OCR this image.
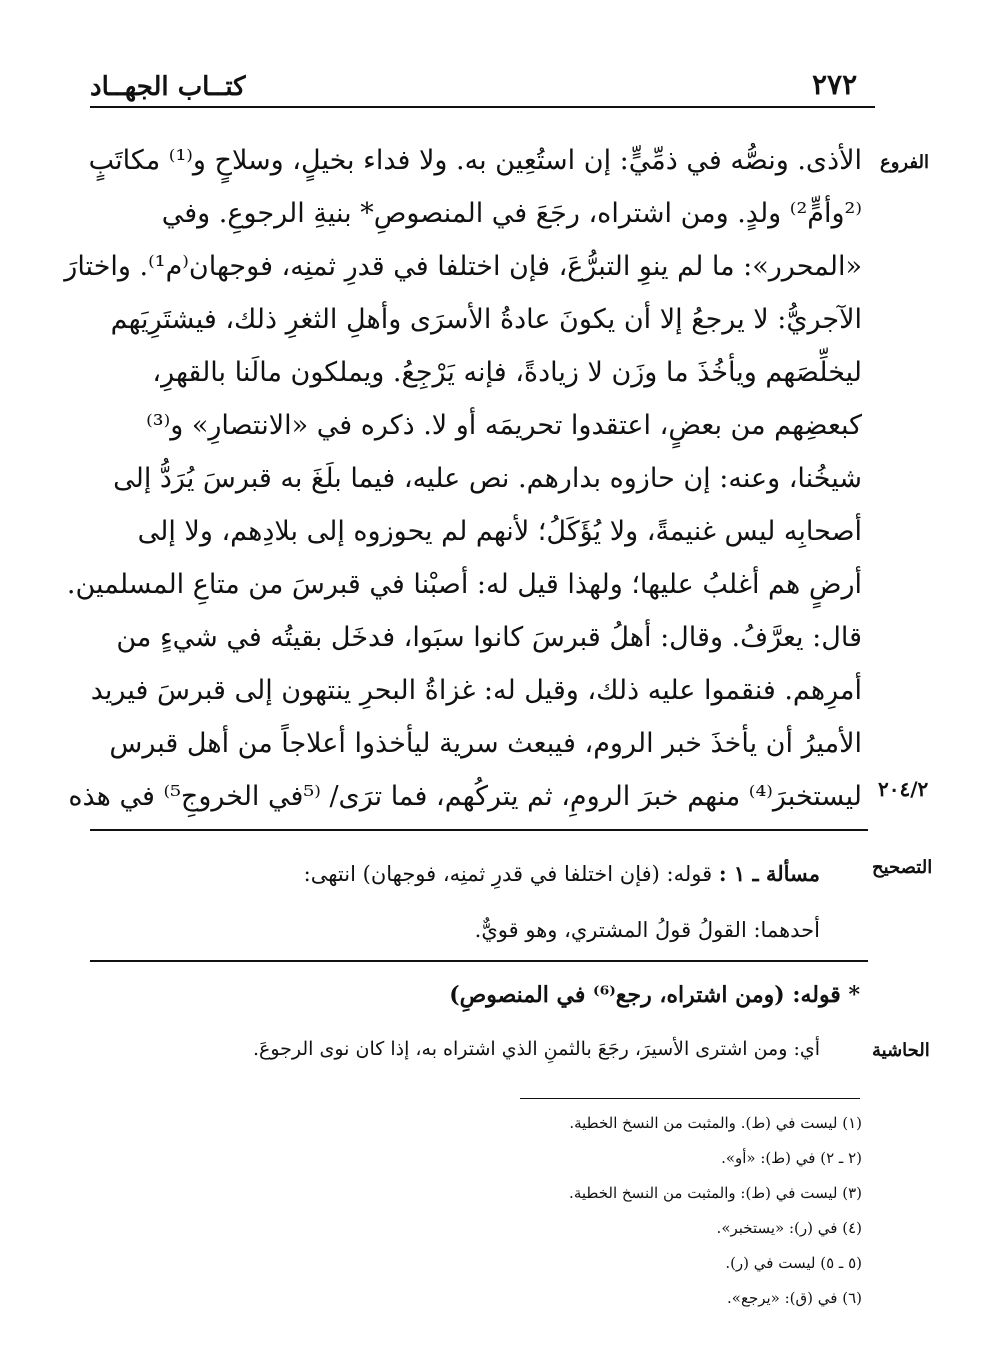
كتــاب الجهــاد	٢٧٢
الفروع
٢٠٤/٢
التصحيح
الحاشية
الأذى. ونصُّه في ذمِّيٍّ: إن استُعِين به. ولا فداء بخيلٍ، وسلاحٍ و⁽¹⁾ مكاتَبٍ
⁽²وأمٍّ²⁾ ولدٍ. ومن اشتراه، رجَعَ في المنصوصِ* بنيةِ الرجوعِ. وفي
«المحرر»: ما لم ينوِ التبرُّعَ، فإن اختلفا في قدرِ ثمنِه، فوجهان⁽م¹⁾. واختارَ
الآجريُّ: لا يرجعُ إلا أن يكونَ عادةُ الأسرَى وأهلِ الثغرِ ذلك، فيشتَرِيَهم
ليخلِّصَهم ويأخُذَ ما وزَن لا زيادةً، فإنه يَرْجِعُ. ويملكون مالَنا بالقهرِ،
كبعضِهم من بعضٍ، اعتقدوا تحريمَه أو لا. ذكره في «الانتصارِ» و⁽³⁾
شيخُنا، وعنه: إن حازوه بدارهم. نص عليه، فيما بلَغَ به قبرسَ يُرَدُّ إلى
أصحابِه ليس غنيمةً، ولا يُؤَكَلُ؛ لأنهم لم يحوزوه إلى بلادِهم، ولا إلى
أرضٍ هم أغلبُ عليها؛ ولهذا قيل له: أصبْنا في قبرسَ من متاعِ المسلمين.
قال: يعرَّفُ. وقال: أهلُ قبرسَ كانوا سبَوا، فدخَل بقيتُه في شيءٍ من
أمرِهم. فنقموا عليه ذلك، وقيل له: غزاةُ البحرِ ينتهون إلى قبرسَ فيريد
الأميرُ أن يأخذَ خبر الروم، فيبعث سرية ليأخذوا أعلاجاً من أهل قبرس
ليستخبرَ⁽⁴⁾ منهم خبرَ الرومِ، ثم يتركُهم، فما ترَى/ ⁽⁵في الخروجِ⁵⁾ في هذه
مسألة ـ ١ : قوله: (فإن اختلفا في قدرِ ثمنِه، فوجهان) انتهى:
أحدهما: القولُ قولُ المشتري، وهو قويٌّ.
* قوله: (ومن اشتراه، رجع⁽⁶⁾ في المنصوصِ)
أي: ومن اشترى الأسيرَ، رجَعَ بالثمنِ الذي اشتراه به، إذا كان نوى الرجوعَ.
(١) ليست في (ط). والمثبت من النسخ الخطية.
(٢ ـ ٢) في (ط): «أو».
(٣) ليست في (ط): والمثبت من النسخ الخطية.
(٤) في (ر): «يستخبر».
(٥ ـ ٥) ليست في (ر).
(٦) في (ق): «يرجع».
